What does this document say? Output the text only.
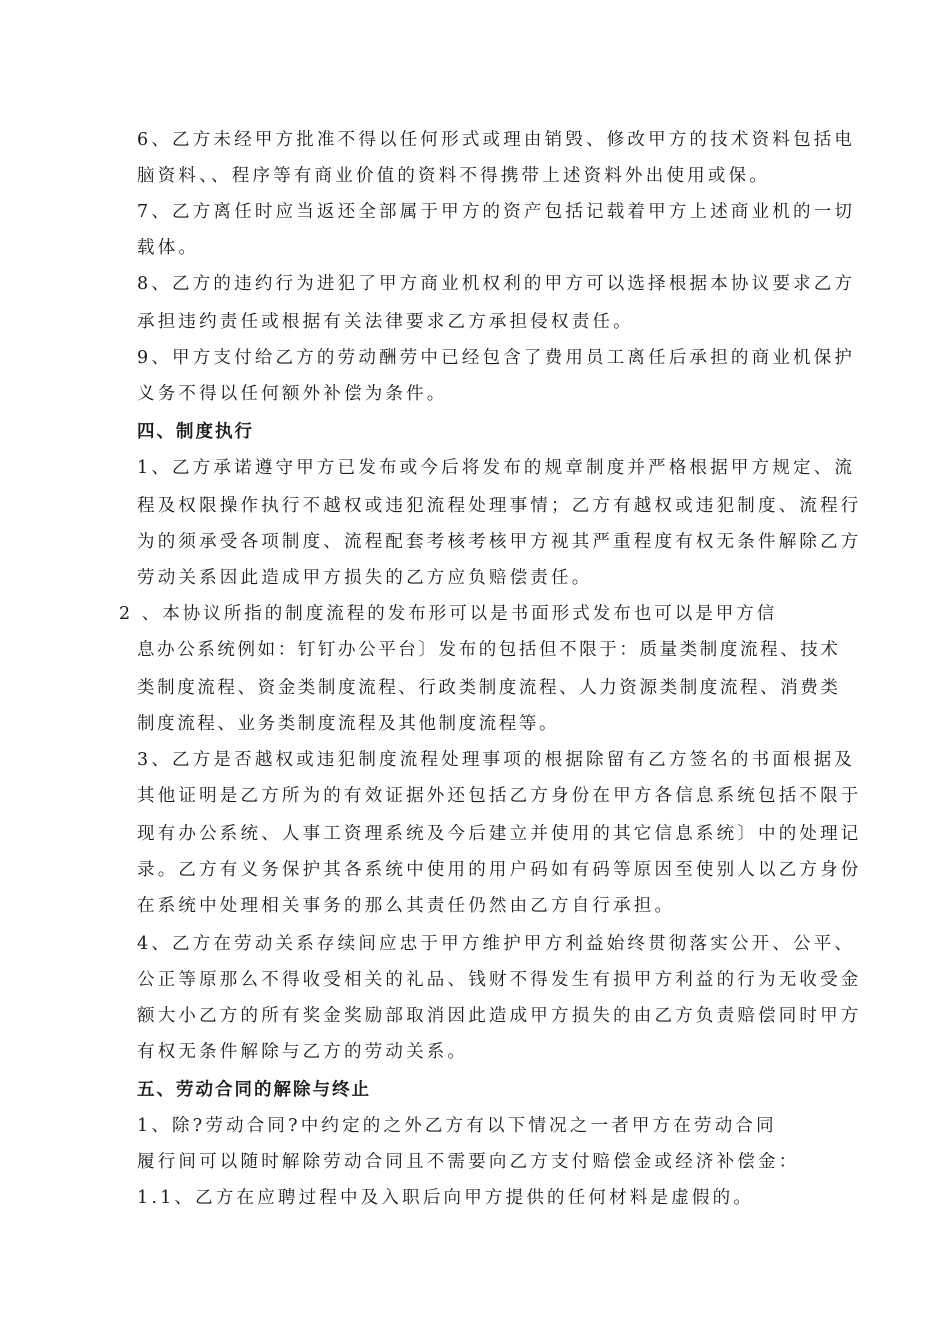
6、乙方未经甲方批准不得以任何形式或理由销毁、修改甲方的技术资料包括电
脑资料、、程序等有商业价值的资料不得携带上述资料外出使用或保。
7、乙方离任时应当返还全部属于甲方的资产包括记载着甲方上述商业机的一切
载体。
8、乙方的违约行为进犯了甲方商业机权利的甲方可以选择根据本协议要求乙方
承担违约责任或根据有关法律要求乙方承担侵权责任。
9、甲方支付给乙方的劳动酬劳中已经包含了费用员工离任后承担的商业机保护
义务不得以任何额外补偿为条件。
四、制度执行
1、乙方承诺遵守甲方已发布或今后将发布的规章制度并严格根据甲方规定、流
程及权限操作执行不越权或违犯流程处理事情；乙方有越权或违犯制度、流程行
为的须承受各项制度、流程配套考核考核甲方视其严重程度有权无条件解除乙方
劳动关系因此造成甲方损失的乙方应负赔偿责任。
2 、本协议所指的制度流程的发布形可以是书面形式发布也可以是甲方信
息办公系统例如：钉钉办公平台〕发布的包括但不限于：质量类制度流程、技术
类制度流程、资金类制度流程、行政类制度流程、人力资源类制度流程、消费类
制度流程、业务类制度流程及其他制度流程等。
3、乙方是否越权或违犯制度流程处理事项的根据除留有乙方签名的书面根据及
其他证明是乙方所为的有效证据外还包括乙方身份在甲方各信息系统包括不限于
现有办公系统、人事工资理系统及今后建立并使用的其它信息系统〕中的处理记
录。乙方有义务保护其各系统中使用的用户码如有码等原因至使别人以乙方身份
在系统中处理相关事务的那么其责任仍然由乙方自行承担。
4、乙方在劳动关系存续间应忠于甲方维护甲方利益始终贯彻落实公开、公平、
公正等原那么不得收受相关的礼品、钱财不得发生有损甲方利益的行为无收受金
额大小乙方的所有奖金奖励部取消因此造成甲方损失的由乙方负责赔偿同时甲方
有权无条件解除与乙方的劳动关系。
五、劳动合同的解除与终止
1、除?劳动合同?中约定的之外乙方有以下情况之一者甲方在劳动合同
履行间可以随时解除劳动合同且不需要向乙方支付赔偿金或经济补偿金：
1.1、乙方在应聘过程中及入职后向甲方提供的任何材料是虚假的。
